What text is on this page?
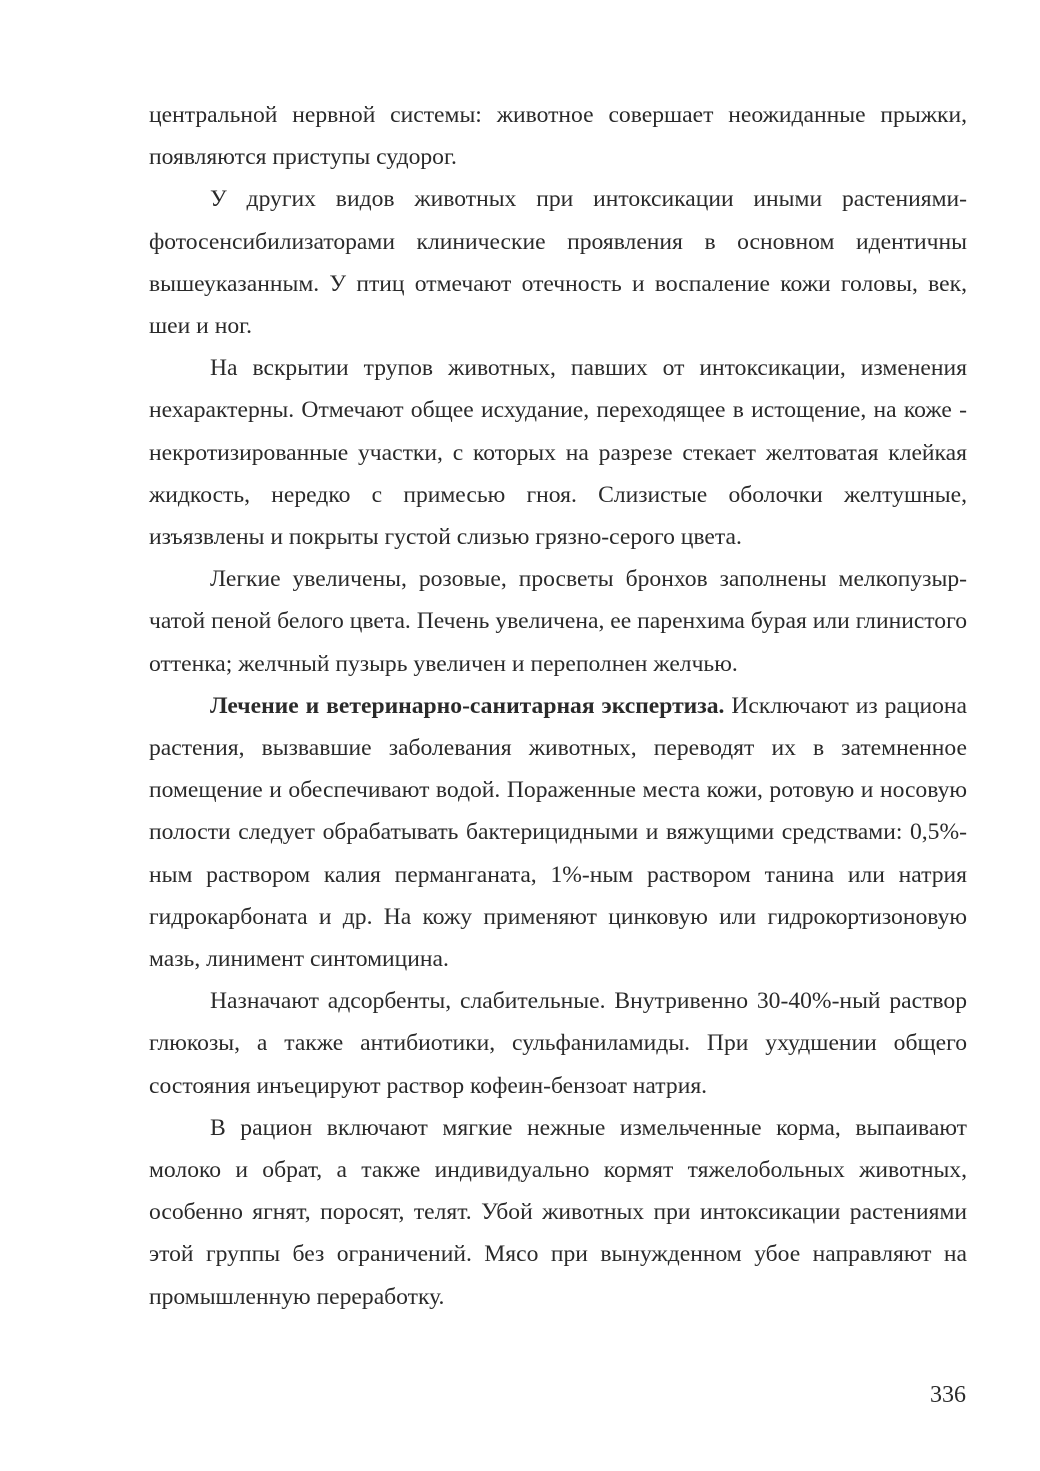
центральной нервной системы: животное совершает неожиданные прыжки, появляются приступы судорог.

У других видов животных при интоксикации иными растениями-фотосенсибилизаторами клинические проявления в основном идентичны вышеуказанным. У птиц отмечают отечность и воспаление кожи головы, век, шеи и ног.

На вскрытии трупов животных, павших от интоксикации, изменения нехарактерны. Отмечают общее исхудание, переходящее в истощение, на коже - некротизированные участки, с которых на разрезе стекает желтоватая клейкая жидкость, нередко с примесью гноя. Слизистые оболочки желтушные, изъязвлены и покрыты густой слизью грязно-серого цвета.

Легкие увеличены, розовые, просветы бронхов заполнены мелкопузырчатой пеной белого цвета. Печень увеличена, ее паренхима бурая или глинистого оттенка; желчный пузырь увеличен и переполнен желчью.

Лечение и ветеринарно-санитарная экспертиза. Исключают из рациона растения, вызвавшие заболевания животных, переводят их в затемненное помещение и обеспечивают водой. Пораженные места кожи, ротовую и носовую полости следует обрабатывать бактерицидными и вяжущими средствами: 0,5%-ным раствором калия перманганата, 1%-ным раствором танина или натрия гидрокарбоната и др. На кожу применяют цинковую или гидрокортизоновую мазь, линимент синтомицина.

Назначают адсорбенты, слабительные. Внутривенно 30-40%-ный раствор глюкозы, а также антибиотики, сульфаниламиды. При ухудшении общего состояния инъецируют раствор кофеин-бензоат натрия.

В рацион включают мягкие нежные измельченные корма, выпаивают молоко и обрат, а также индивидуально кормят тяжелобольных животных, особенно ягнят, поросят, телят. Убой животных при интоксикации растениями этой группы без ограничений. Мясо при вынужденном убое направляют на промышленную переработку.

336
